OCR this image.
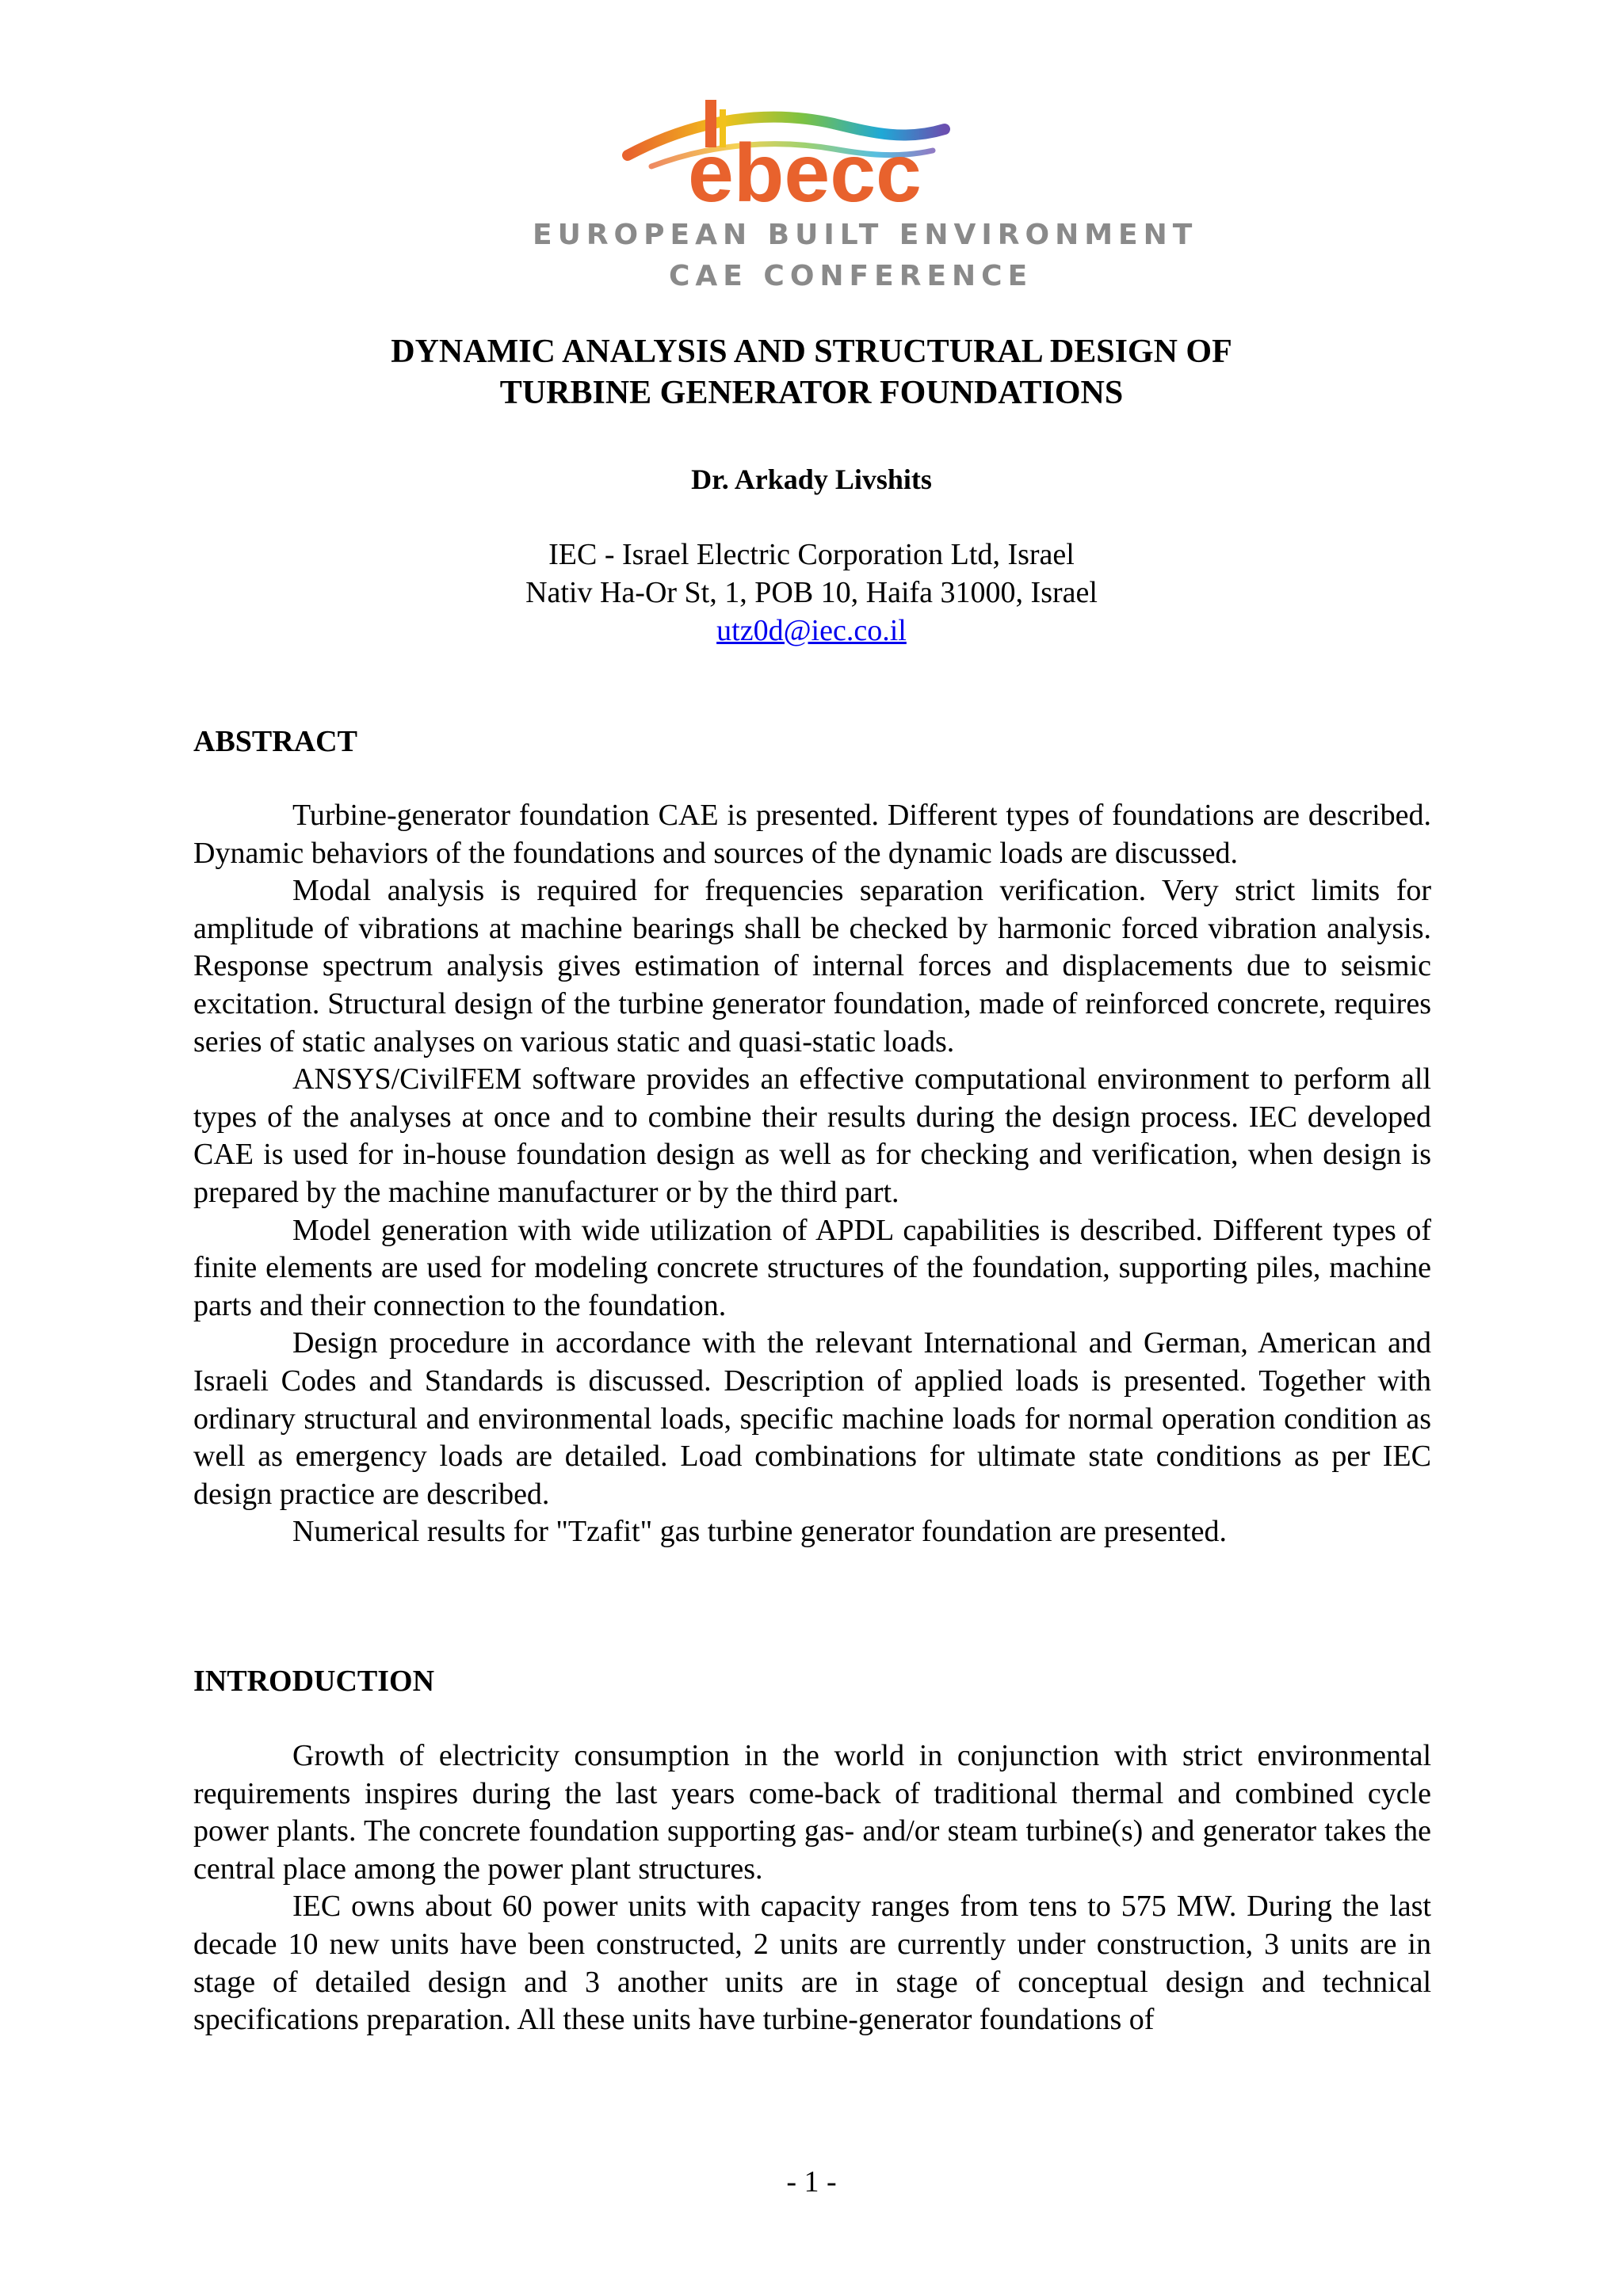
ebecc
EUROPEAN BUILT ENVIRONMENT
CAE CONFERENCE
DYNAMIC ANALYSIS AND STRUCTURAL DESIGN OF
TURBINE GENERATOR FOUNDATIONS
Dr. Arkady Livshits
IEC - Israel Electric Corporation Ltd, Israel
Nativ Ha-Or St, 1, POB 10, Haifa 31000, Israel
utz0d@iec.co.il
ABSTRACT

Turbine-generator foundation CAE is presented. Different types of foundations are described. Dynamic behaviors of the foundations and sources of the dynamic loads are discussed.

Modal analysis is required for frequencies separation verification. Very strict limits for amplitude of vibrations at machine bearings shall be checked by harmonic forced vibration analysis. Response spectrum analysis gives estimation of internal forces and displacements due to seismic excitation. Structural design of the turbine generator foundation, made of reinforced concrete, requires series of static analyses on various static and quasi-static loads.

ANSYS/CivilFEM software provides an effective computational environment to perform all types of the analyses at once and to combine their results during the design process. IEC developed CAE is used for in-house foundation design as well as for checking and verification, when design is prepared by the machine manufacturer or by the third part.

Model generation with wide utilization of APDL capabilities is described. Different types of finite elements are used for modeling concrete structures of the foundation, supporting piles, machine parts and their connection to the foundation.

Design procedure in accordance with the relevant International and German, American and Israeli Codes and Standards is discussed. Description of applied loads is presented. Together with ordinary structural and environmental loads, specific machine loads for normal operation condition as well as emergency loads are detailed. Load combinations for ultimate state conditions as per IEC design practice are described.

Numerical results for "Tzafit" gas turbine generator foundation are presented.

INTRODUCTION

Growth of electricity consumption in the world in conjunction with strict environmental requirements inspires during the last years come-back of traditional thermal and combined cycle power plants. The concrete foundation supporting gas- and/or steam turbine(s) and generator takes the central place among the power plant structures.

IEC owns about 60 power units with capacity ranges from tens to 575 MW. During the last decade 10 new units have been constructed, 2 units are currently under construction, 3 units are in stage of detailed design and 3 another units are in stage of conceptual design and technical specifications preparation. All these units have turbine-generator foundations of

- 1 -
